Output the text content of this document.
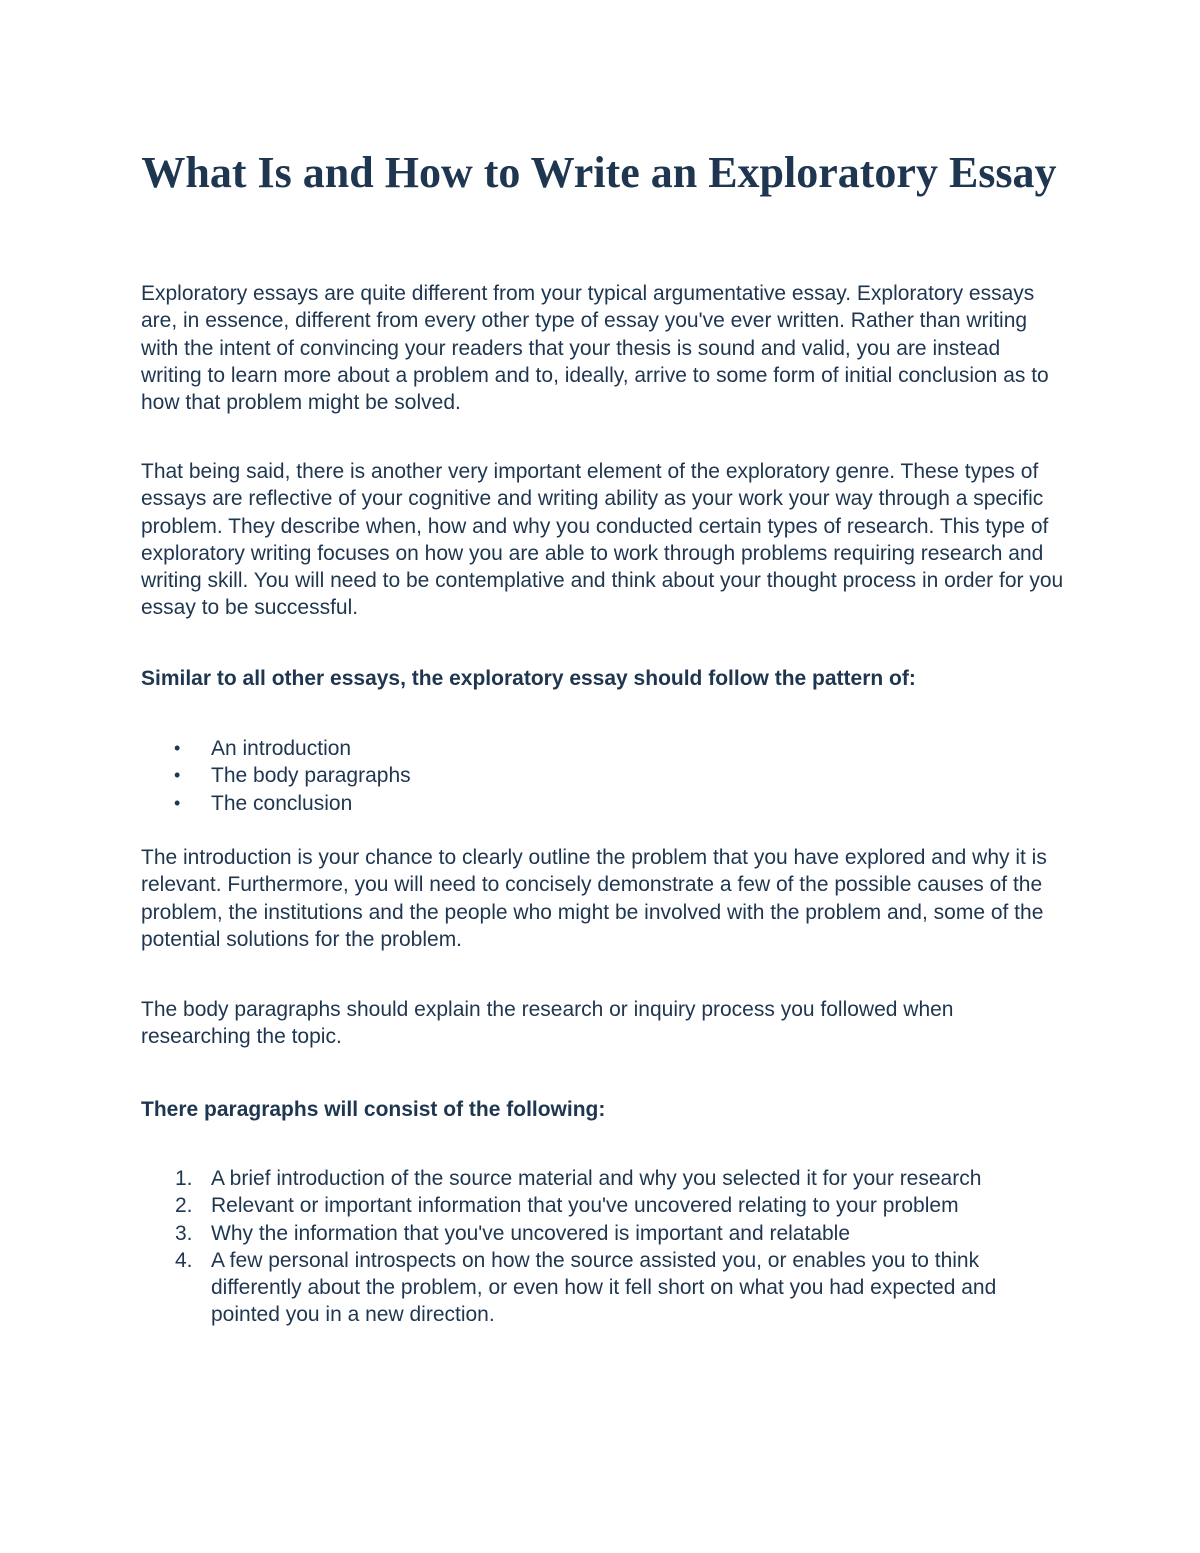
What Is and How to Write an Exploratory Essay

Exploratory essays are quite different from your typical argumentative essay. Exploratory essays are, in essence, different from every other type of essay you've ever written. Rather than writing with the intent of convincing your readers that your thesis is sound and valid, you are instead writing to learn more about a problem and to, ideally, arrive to some form of initial conclusion as to how that problem might be solved.

That being said, there is another very important element of the exploratory genre. These types of essays are reflective of your cognitive and writing ability as your work your way through a specific problem. They describe when, how and why you conducted certain types of research. This type of exploratory writing focuses on how you are able to work through problems requiring research and writing skill. You will need to be contemplative and think about your thought process in order for you essay to be successful.

Similar to all other essays, the exploratory essay should follow the pattern of:

• An introduction
• The body paragraphs
• The conclusion

The introduction is your chance to clearly outline the problem that you have explored and why it is relevant. Furthermore, you will need to concisely demonstrate a few of the possible causes of the problem, the institutions and the people who might be involved with the problem and, some of the potential solutions for the problem.

The body paragraphs should explain the research or inquiry process you followed when researching the topic.

There paragraphs will consist of the following:

1. A brief introduction of the source material and why you selected it for your research
2. Relevant or important information that you've uncovered relating to your problem
3. Why the information that you've uncovered is important and relatable
4. A few personal introspects on how the source assisted you, or enables you to think differently about the problem, or even how it fell short on what you had expected and pointed you in a new direction.
